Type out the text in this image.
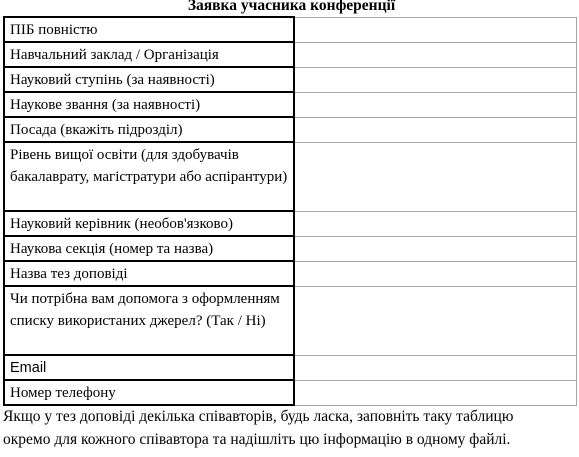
Заявка учасника конференції
ПІБ повністю	

Навчальний заклад / Організація	

Науковий ступінь (за наявності)	

Наукове звання (за наявності)	

Посада (вкажіть підрозділ)	

Рівень вищої освіти (для здобувачів бакалаврату, магістратури або аспірантури)	

Науковий керівник (необов'язково)	

Наукова секція (номер та назва)	

Назва тез доповіді	

Чи потрібна вам допомога з оформленням списку використаних джерел? (Так / Ні)	

Email	

Номер телефону	

Якщо у тез доповіді декілька співавторів, будь ласка, заповніть таку таблицю
окремо для кожного співавтора та надішліть цю інформацію в одному файлі.
